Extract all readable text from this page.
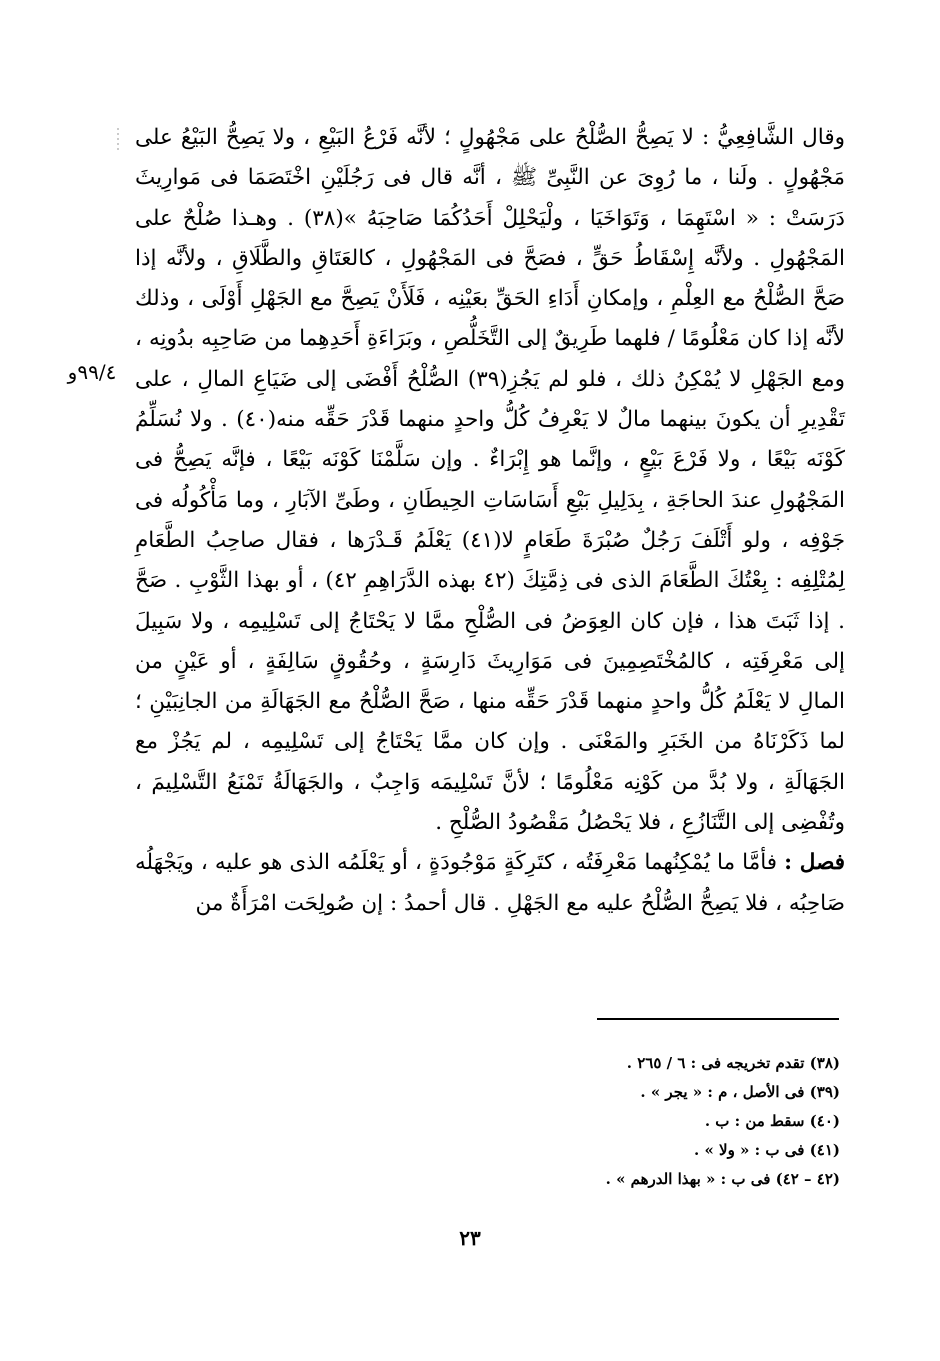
وقال الشَّافِعِيُّ : لا يَصِحُّ الصُّلْحُ على مَجْهُولٍ ؛ لأنَّه فَرْعُ البَيْعِ ، ولا يَصِحُّ البَيْعُ على مَجْهُولٍ . ولَنا ، ما رُوِىَ عن النَّبِىِّ ﷺ ، أنَّه قال فى رَجُلَيْنِ اخْتَصَمَا فى مَوارِيثَ دَرَسَتْ : « اسْتَهِمَا ، وَتَوَاخَيَا ، ولْيَحْلِلْ أَحَدُكُمَا صَاحِبَهُ »(٣٨) . وهـذا صُلْحٌ على المَجْهُولِ . ولأنَّه إِسْقَاطُ حَقٍّ ، فصَحَّ فى المَجْهُولِ ، كالعَتَاقِ والطَّلَاقِ ، ولأنَّه إذا صَحَّ الصُّلْحُ مع العِلْمِ ، وإمكانِ أَدَاءِ الحَقِّ بعَيْنِه ، فَلَأَنْ يَصِحَّ مع الجَهْلِ أَوْلَى ، وذلك لأنَّه إذا كان مَعْلُومًا / فلهما طَرِيقٌ إلى التَّخَلُّصِ ، وبَرَاءَةِ أَحَدِهِما من صَاحِبِه بدُونِه ، ومع الجَهْلِ لا يُمْكِنُ ذلك ، فلو لم يَجُزِ(٣٩) الصُّلْحُ أَفْضَى إلى ضَيَاعِ المالِ ، على تَقْدِيرِ أن يكونَ بينهما مالٌ لا يَعْرِفُ كُلُّ واحدٍ منهما قَدْرَ حَقِّه منه(٤٠) . ولا نُسَلِّمُ كَوْنَه بَيْعًا ، ولا فَرْعَ بَيْعٍ ، وإنَّما هو إِبْرَاءٌ . وإن سَلَّمْنَا كَوْنَه بَيْعًا ، فإنَّه يَصِحُّ فى المَجْهُولِ عندَ الحاجَةِ ، بِدَلِيلِ بَيْعِ أَسَاسَاتِ الحِيطَانِ ، وطَىِّ الآبَارِ ، وما مَأْكُولُه فى جَوْفِه ، ولو أَتْلَفَ رَجُلٌ صُبْرَةَ طَعَامٍ لا(٤١) يَعْلَمُ قَـدْرَها ، فقال صاحِبُ الطَّعَامِ لِمُتْلِفِه : بِعْتُكَ الطَّعَامَ الذى فى ذِمَّتِكَ (٤٢ بهذه الدَّرَاهِمِ ٤٢) ، أو بهذا الثَّوْبِ . صَحَّ . إذا ثَبَتَ هذا ، فإن كان العِوَضُ فى الصُّلْحِ ممَّا لا يَحْتَاجُ إلى تَسْلِيمِه ، ولا سَبِيلَ إلى مَعْرِفَتِه ، كالمُخْتَصِمِينَ فى مَوَارِيثَ دَارِسَةٍ ، وحُقُوقٍ سَالِفَةٍ ، أو عَيْنٍ من المالِ لا يَعْلَمُ كُلُّ واحدٍ منهما قَدْرَ حَقِّه منها ، صَحَّ الصُّلْحُ مع الجَهَالَةِ من الجانِبَيْنِ ؛ لما ذَكَرْنَاهُ من الخَبَرِ والمَعْنَى . وإن كان ممَّا يَحْتَاجُ إلى تَسْلِيمِه ، لم يَجُزْ مع الجَهَالَةِ ، ولا بُدَّ من كَوْنِه مَعْلُومًا ؛ لأنَّ تَسْلِيمَه وَاجِبٌ ، والجَهَالَةُ تَمْنَعُ التَّسْلِيمَ ، وتُفْضِى إلى التَّنَازُعِ ، فلا يَحْصُلُ مَقْصُودُ الصُّلْحِ .

فصل : فأمَّا ما يُمْكِنُهما مَعْرِفَتُه ، كتَرِكَةٍ مَوْجُودَةٍ ، أو يَعْلَمُه الذى هو عليه ، ويَجْهَلُه صَاحِبُه ، فلا يَصِحُّ الصُّلْحُ عليه مع الجَهْلِ . قال أحمدُ : إن صُولِحَت امْرَأَةٌ من

٩٩/٤و
(٣٨) تقدم تخريجه فى : ٦ / ٢٦٥ .
(٣٩) فى الأصل ، م : « يجر » .
(٤٠) سقط من : ب .
(٤١) فى ب : « ولا » .
(٤٢ – ٤٢) فى ب : « بهذا الدرهم » .
٢٣
